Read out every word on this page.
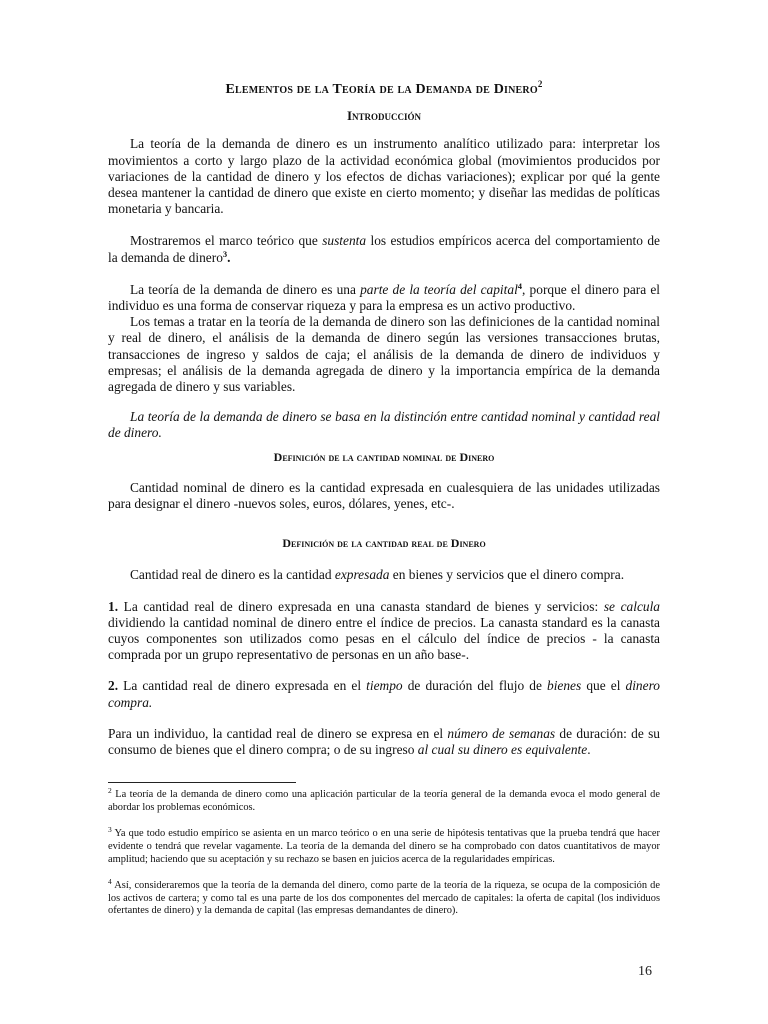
Elementos de la Teoría de la Demanda de Dinero$^2$
Introducción

La teoría de la demanda de dinero es un instrumento analítico utilizado para: interpretar los movimientos a corto y largo plazo de la actividad económica global (movimientos producidos por variaciones de la cantidad de dinero y los efectos de dichas variaciones); explicar por qué la gente desea mantener la cantidad de dinero que existe en cierto momento; y diseñar las medidas de políticas monetaria y bancaria.

Mostraremos el marco teórico que sustenta los estudios empíricos acerca del comportamiento de la demanda de dinero$^3$.

La teoría de la demanda de dinero es una parte de la teoría del capital$^4$, porque el dinero para el individuo es una forma de conservar riqueza y para la empresa es un activo productivo.

Los temas a tratar en la teoría de la demanda de dinero son las definiciones de la cantidad nominal y real de dinero, el análisis de la demanda de dinero según las versiones transacciones brutas, transacciones de ingreso y saldos de caja; el análisis de la demanda de dinero de individuos y empresas; el análisis de la demanda agregada de dinero y la importancia empírica de la demanda agregada de dinero y sus variables.

La teoría de la demanda de dinero se basa en la distinción entre cantidad nominal y cantidad real de dinero.

Definición de la cantidad nominal de Dinero

Cantidad nominal de dinero es la cantidad expresada en cualesquiera de las unidades utilizadas para designar el dinero -nuevos soles, euros, dólares, yenes, etc-.

Definición de la cantidad real de Dinero

Cantidad real de dinero es la cantidad expresada en bienes y servicios que el dinero compra.

1. La cantidad real de dinero expresada en una canasta standard de bienes y servicios: se calcula dividiendo la cantidad nominal de dinero entre el índice de precios. La canasta standard es la canasta cuyos componentes son utilizados como pesas en el cálculo del índice de precios - la canasta comprada por un grupo representativo de personas en un año base-.

2. La cantidad real de dinero expresada en el tiempo de duración del flujo de bienes que el dinero compra.

Para un individuo, la cantidad real de dinero se expresa en el número de semanas de duración: de su consumo de bienes que el dinero compra; o de su ingreso al cual su dinero es equivalente.

$^2$ La teoría de la demanda de dinero como una aplicación particular de la teoría general de la demanda evoca el modo general de abordar los problemas económicos.

$^3$ Ya que todo estudio empírico se asienta en un marco teórico o en una serie de hipótesis tentativas que la prueba tendrá que hacer evidente o tendrá que revelar vagamente. La teoría de la demanda del dinero se ha comprobado con datos cuantitativos de mayor amplitud; haciendo que su aceptación y su rechazo se basen en juicios acerca de la regularidades empíricas.

$^4$ Así, consideraremos que la teoría de la demanda del dinero, como parte de la teoría de la riqueza, se ocupa de la composición de los activos de cartera; y como tal es una parte de los dos componentes del mercado de capitales: la oferta de capital (los individuos ofertantes de dinero) y la demanda de capital (las empresas demandantes de dinero).

16
